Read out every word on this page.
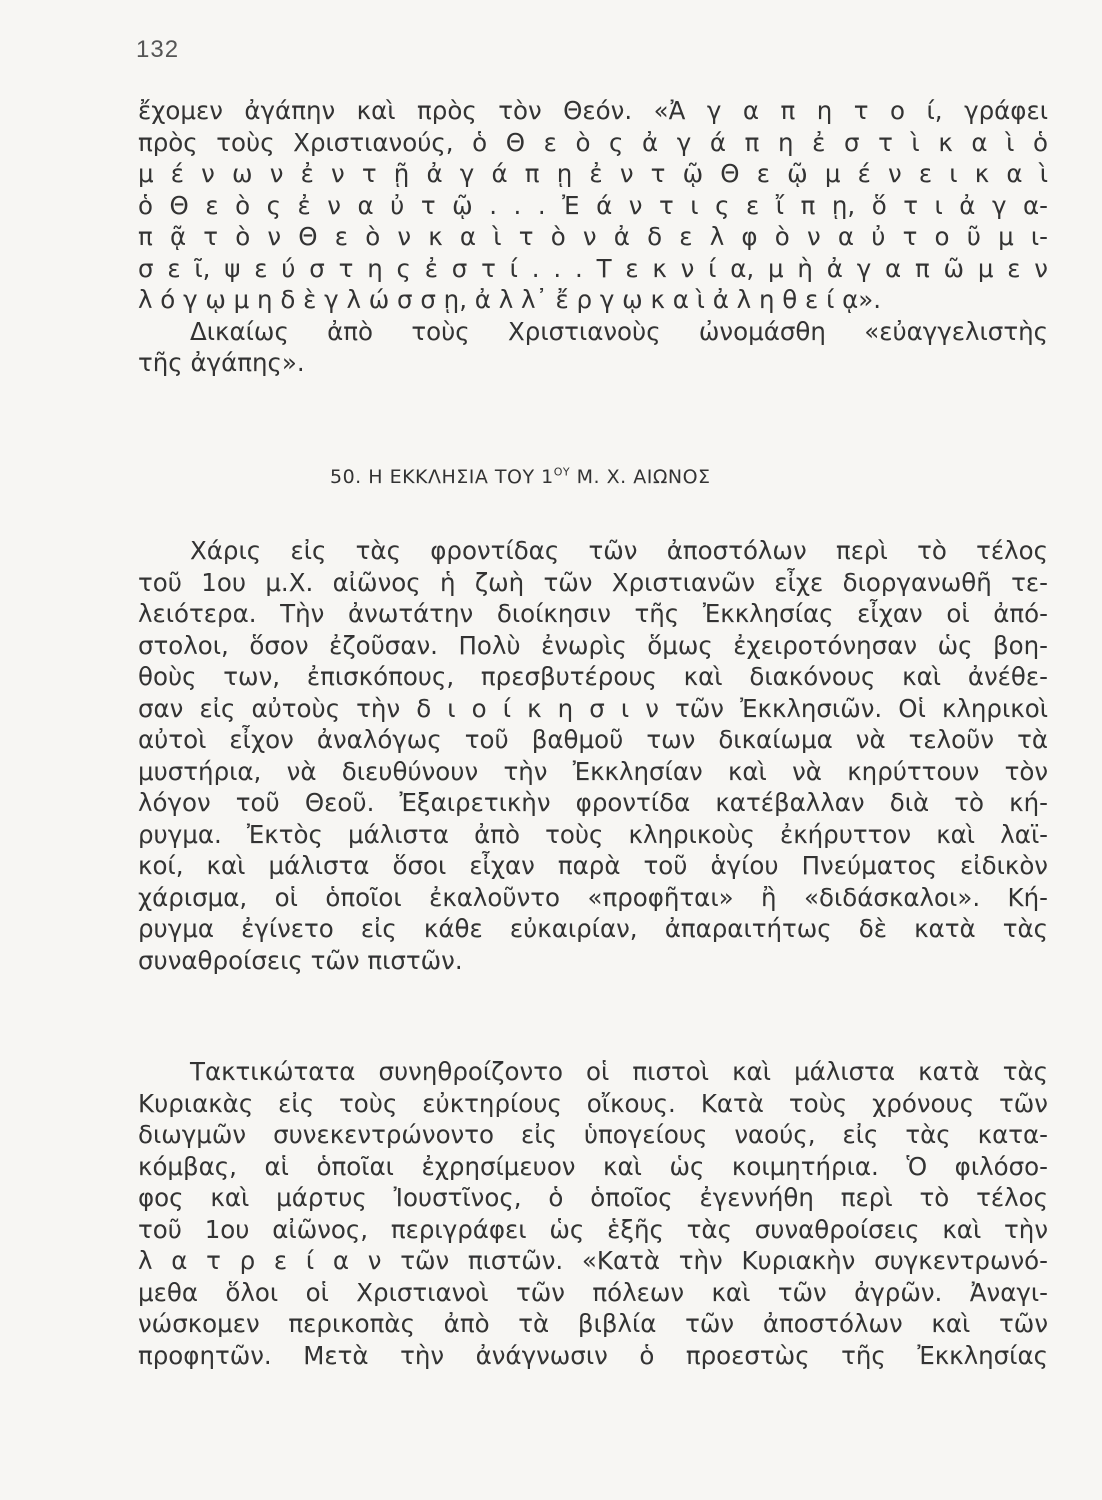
132
ἔχομεν ἀγάπην καὶ πρὸς τὸν Θεόν. «Ἀ γ α π η τ ο ί, γράφει
πρὸς τοὺς Χριστιανούς, ὁ Θ ε ὸ ς ἀ γ ά π η ἐ σ τ ὶ κ α ὶ ὁ
μ έ ν ω ν ἐ ν τ ῇ ἀ γ ά π ῃ ἐ ν τ ῷ Θ ε ῷ μ έ ν ε ι κ α ὶ
ὁ Θ ε ὸ ς ἐ ν α ὐ τ ῷ . . . Ἐ ά ν τ ι ς ε ἴ π ῃ, ὅ τ ι ἀ γ α-
π ᾷ τ ὸ ν Θ ε ὸ ν κ α ὶ τ ὸ ν ἀ δ ε λ φ ὸ ν α ὐ τ ο ῦ μ ι-
σ ε ῖ, ψ ε ύ σ τ η ς ἐ σ τ ί . . . Τ ε κ ν ί α, μ ὴ ἀ γ α π ῶ μ ε ν
λ ό γ ῳ μ η δ ὲ γ λ ώ σ σ ῃ, ἀ λ λ᾽ ἔ ρ γ ῳ κ α ὶ ἀ λ η θ ε ί ᾳ».
Δικαίως ἀπὸ τοὺς Χριστιανοὺς ὠνομάσθη «εὐαγγελιστὴς
τῆς ἀγάπης».
50. Η ΕΚΚΛΗΣΙΑ ΤΟΥ $1^{O\Upsilon}$ Μ. Χ. ΑΙΩΝΟΣ
Χάρις εἰς τὰς φροντίδας τῶν ἀποστόλων περὶ τὸ τέλος
τοῦ 1ου μ.Χ. αἰῶνος ἡ ζωὴ τῶν Χριστιανῶν εἶχε διοργανωθῆ τε-
λειότερα. Τὴν ἀνωτάτην διοίκησιν τῆς Ἐκκλησίας εἶχαν οἱ ἀπό-
στολοι, ὅσον ἐζοῦσαν. Πολὺ ἐνωρὶς ὅμως ἐχειροτόνησαν ὡς βοη-
θοὺς των, ἐπισκόπους, πρεσβυτέρους καὶ διακόνους καὶ ἀνέθε-
σαν εἰς αὐτοὺς τὴν δ ι ο ί κ η σ ι ν τῶν Ἐκκλησιῶν. Οἱ κληρικοὶ
αὐτοὶ εἶχον ἀναλόγως τοῦ βαθμοῦ των δικαίωμα νὰ τελοῦν τὰ
μυστήρια, νὰ διευθύνουν τὴν Ἐκκλησίαν καὶ νὰ κηρύττουν τὸν
λόγον τοῦ Θεοῦ. Ἐξαιρετικὴν φροντίδα κατέβαλλαν διὰ τὸ κή-
ρυγμα. Ἐκτὸς μάλιστα ἀπὸ τοὺς κληρικοὺς ἐκήρυττον καὶ λαϊ-
κοί, καὶ μάλιστα ὅσοι εἶχαν παρὰ τοῦ ἁγίου Πνεύματος εἰδικὸν
χάρισμα, οἱ ὁποῖοι ἐκαλοῦντο «προφῆται» ἢ «διδάσκαλοι». Κή-
ρυγμα ἐγίνετο εἰς κάθε εὐκαιρίαν, ἀπαραιτήτως δὲ κατὰ τὰς
συναθροίσεις τῶν πιστῶν.
Τακτικώτατα συνηθροίζοντο οἱ πιστοὶ καὶ μάλιστα κατὰ τὰς
Κυριακὰς εἰς τοὺς εὐκτηρίους οἴκους. Κατὰ τοὺς χρόνους τῶν
διωγμῶν συνεκεντρώνοντο εἰς ὑπογείους ναούς, εἰς τὰς κατα-
κόμβας, αἱ ὁποῖαι ἐχρησίμευον καὶ ὡς κοιμητήρια. Ὁ φιλόσο-
φος καὶ μάρτυς Ἰουστῖνος, ὁ ὁποῖος ἐγεννήθη περὶ τὸ τέλος
τοῦ 1ου αἰῶνος, περιγράφει ὡς ἑξῆς τὰς συναθροίσεις καὶ τὴν
λ α τ ρ ε ί α ν τῶν πιστῶν. «Κατὰ τὴν Κυριακὴν συγκεντρωνό-
μεθα ὅλοι οἱ Χριστιανοὶ τῶν πόλεων καὶ τῶν ἀγρῶν. Ἀναγι-
νώσκομεν περικοπὰς ἀπὸ τὰ βιβλία τῶν ἀποστόλων καὶ τῶν
προφητῶν. Μετὰ τὴν ἀνάγνωσιν ὁ προεστὼς τῆς Ἐκκλησίας
